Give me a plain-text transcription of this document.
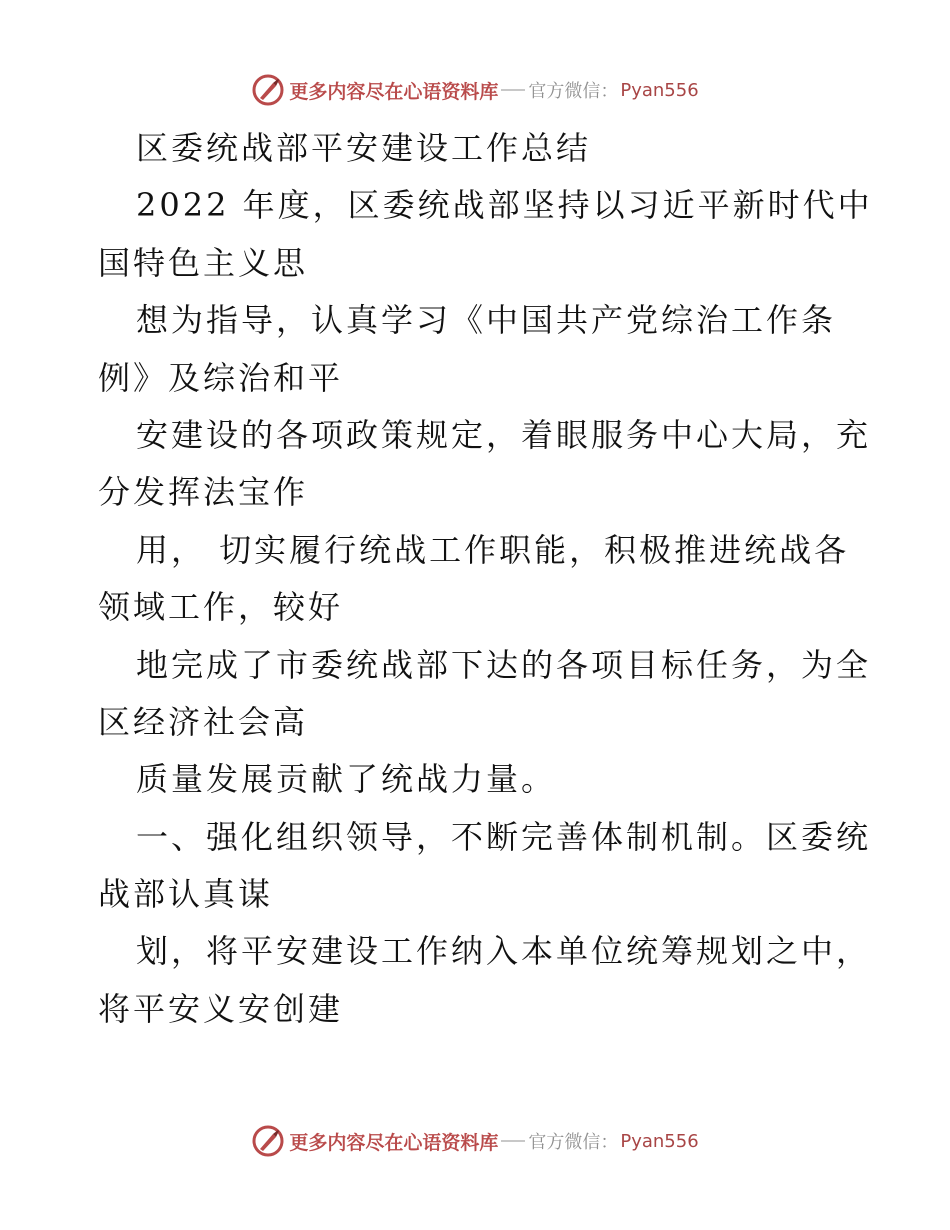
更多内容尽在心语资料库 官方微信： Pyan556
区委统战部平安建设工作总结
2022 年度，区委统战部坚持以习近平新时代中
国特色主义思
想为指导，认真学习《中国共产党综治工作条
例》及综治和平
安建设的各项政策规定，着眼服务中心大局，充
分发挥法宝作
用， 切实履行统战工作职能，积极推进统战各
领域工作，较好
地完成了市委统战部下达的各项目标任务，为全
区经济社会高
质量发展贡献了统战力量。
一、强化组织领导，不断完善体制机制。区委统
战部认真谋
划，将平安建设工作纳入本单位统筹规划之中，
将平安义安创建
更多内容尽在心语资料库 官方微信： Pyan556
